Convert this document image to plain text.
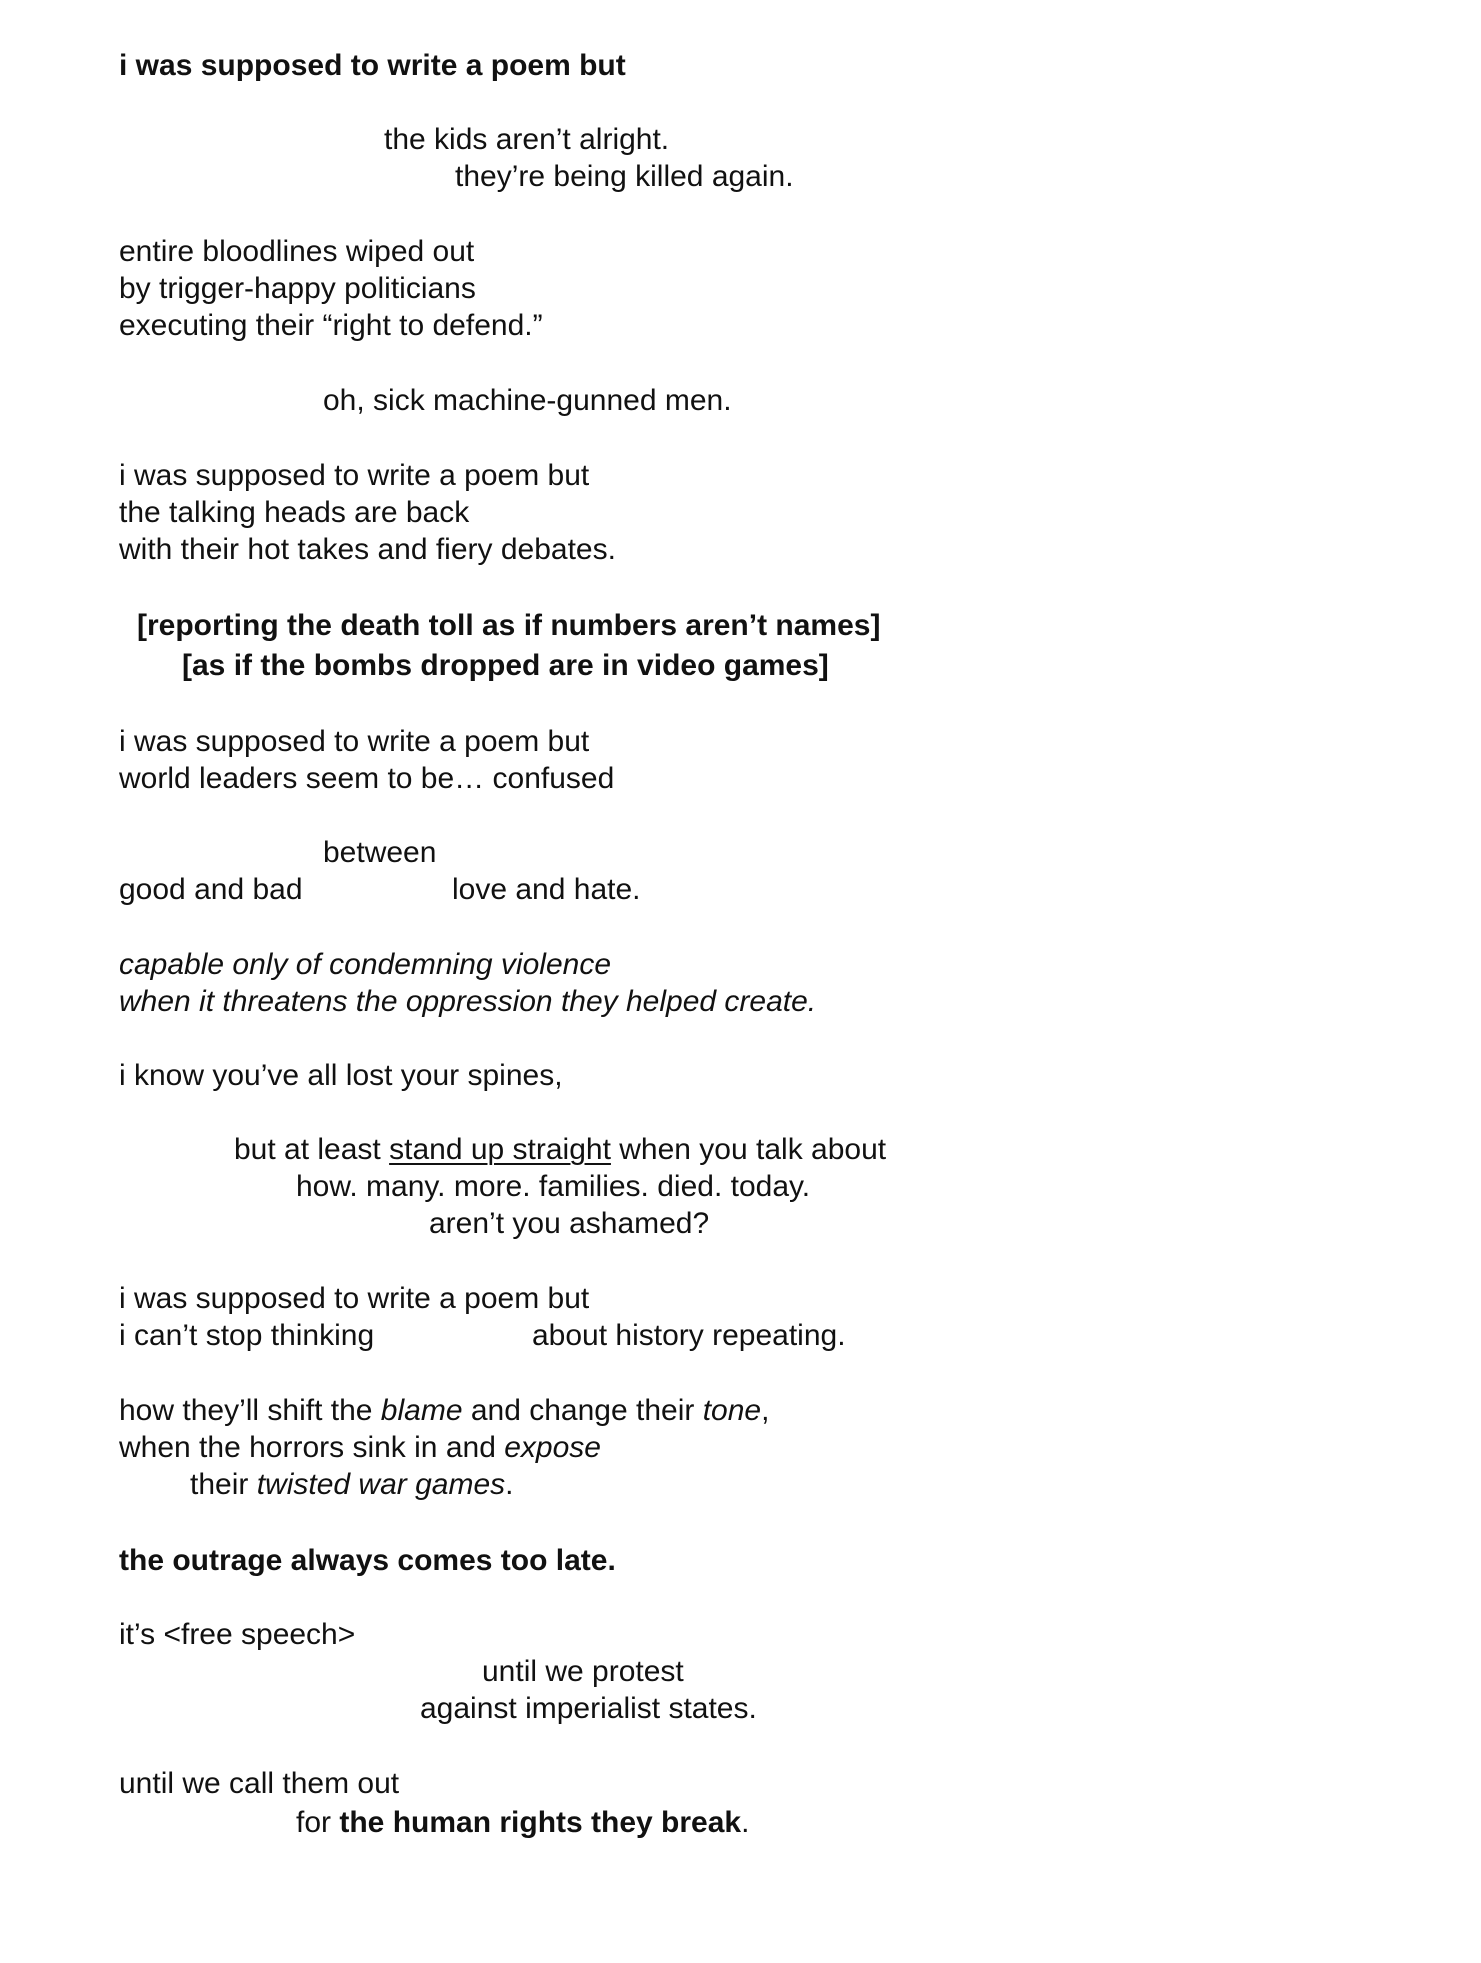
i was supposed to write a poem but
the kids aren’t alright.
they’re being killed again.
entire bloodlines wiped out
by trigger-happy politicians
executing their “right to defend.”
oh, sick machine-gunned men.
i was supposed to write a poem but
the talking heads are back
with their hot takes and fiery debates.
[reporting the death toll as if numbers aren’t names]
[as if the bombs dropped are in video games]
i was supposed to write a poem but
world leaders seem to be… confused
between
good and bad	love and hate.
capable only of condemning violence
when it threatens the oppression they helped create.
i know you’ve all lost your spines,
but at least stand up straight when you talk about
how. many. more. families. died. today.
aren’t you ashamed?
i was supposed to write a poem but
i can’t stop thinking	about history repeating.
how they’ll shift the blame and change their tone,
when the horrors sink in and expose
their twisted war games.
the outrage always comes too late.
it’s <free speech>
until we protest
against imperialist states.
until we call them out
for the human rights they break.
